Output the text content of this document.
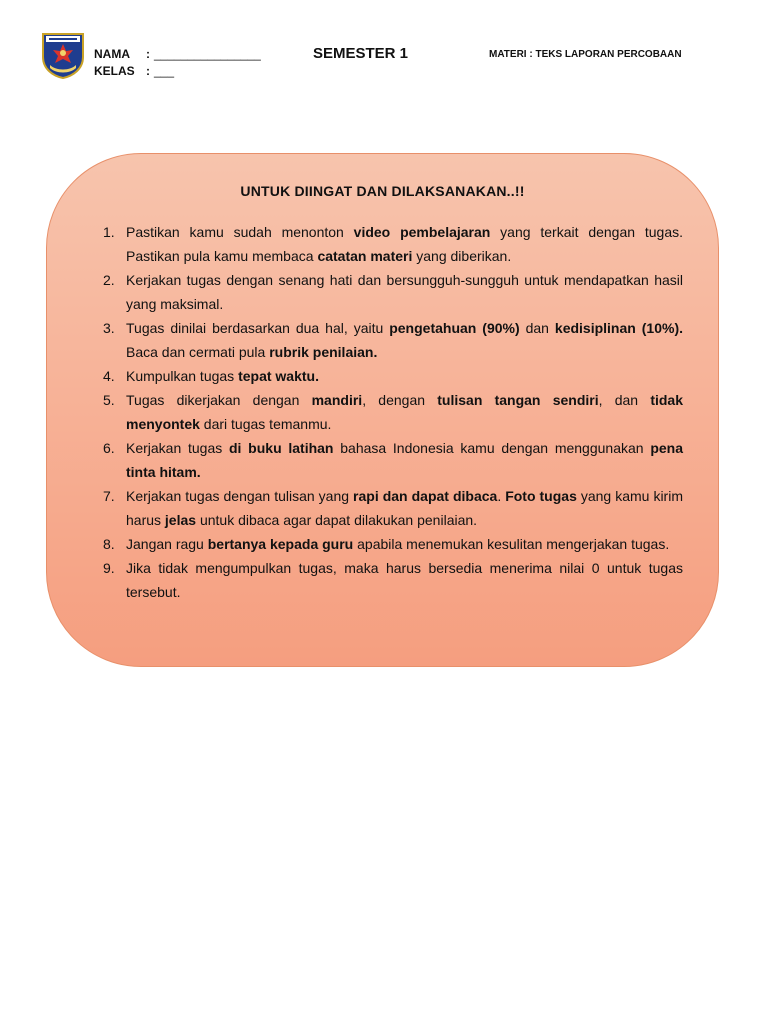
NAMA : ________________
KELAS : ___
SEMESTER 1	MATERI : TEKS LAPORAN PERCOBAAN
UNTUK DIINGAT DAN DILAKSANAKAN..!!
1. Pastikan kamu sudah menonton video pembelajaran yang terkait dengan tugas. Pastikan pula kamu membaca catatan materi yang diberikan.
2. Kerjakan tugas dengan senang hati dan bersungguh-sungguh untuk mendapatkan hasil yang maksimal.
3. Tugas dinilai berdasarkan dua hal, yaitu pengetahuan (90%) dan kedisiplinan (10%). Baca dan cermati pula rubrik penilaian.
4. Kumpulkan tugas tepat waktu.
5. Tugas dikerjakan dengan mandiri, dengan tulisan tangan sendiri, dan tidak menyontek dari tugas temanmu.
6. Kerjakan tugas di buku latihan bahasa Indonesia kamu dengan menggunakan pena tinta hitam.
7. Kerjakan tugas dengan tulisan yang rapi dan dapat dibaca. Foto tugas yang kamu kirim harus jelas untuk dibaca agar dapat dilakukan penilaian.
8. Jangan ragu bertanya kepada guru apabila menemukan kesulitan mengerjakan tugas.
9. Jika tidak mengumpulkan tugas, maka harus bersedia menerima nilai 0 untuk tugas tersebut.
